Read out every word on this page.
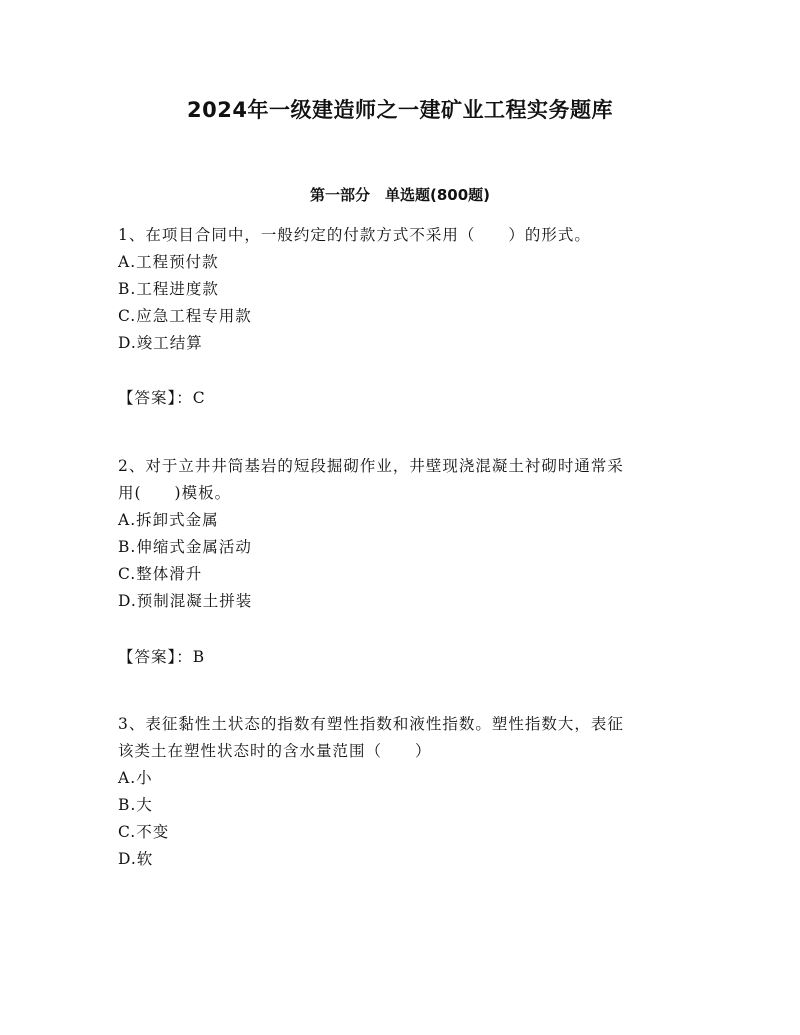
2024年一级建造师之一建矿业工程实务题库
第一部分　单选题(800题)
1、在项目合同中，一般约定的付款方式不采用（　　）的形式。
A.工程预付款
B.工程进度款
C.应急工程专用款
D.竣工结算
【答案】：C
2、对于立井井筒基岩的短段掘砌作业，井壁现浇混凝土衬砌时通常采
用(　　)模板。
A.拆卸式金属
B.伸缩式金属活动
C.整体滑升
D.预制混凝土拼装
【答案】：B
3、表征黏性土状态的指数有塑性指数和液性指数。塑性指数大，表征
该类土在塑性状态时的含水量范围（　　）
A.小
B.大
C.不变
D.软
